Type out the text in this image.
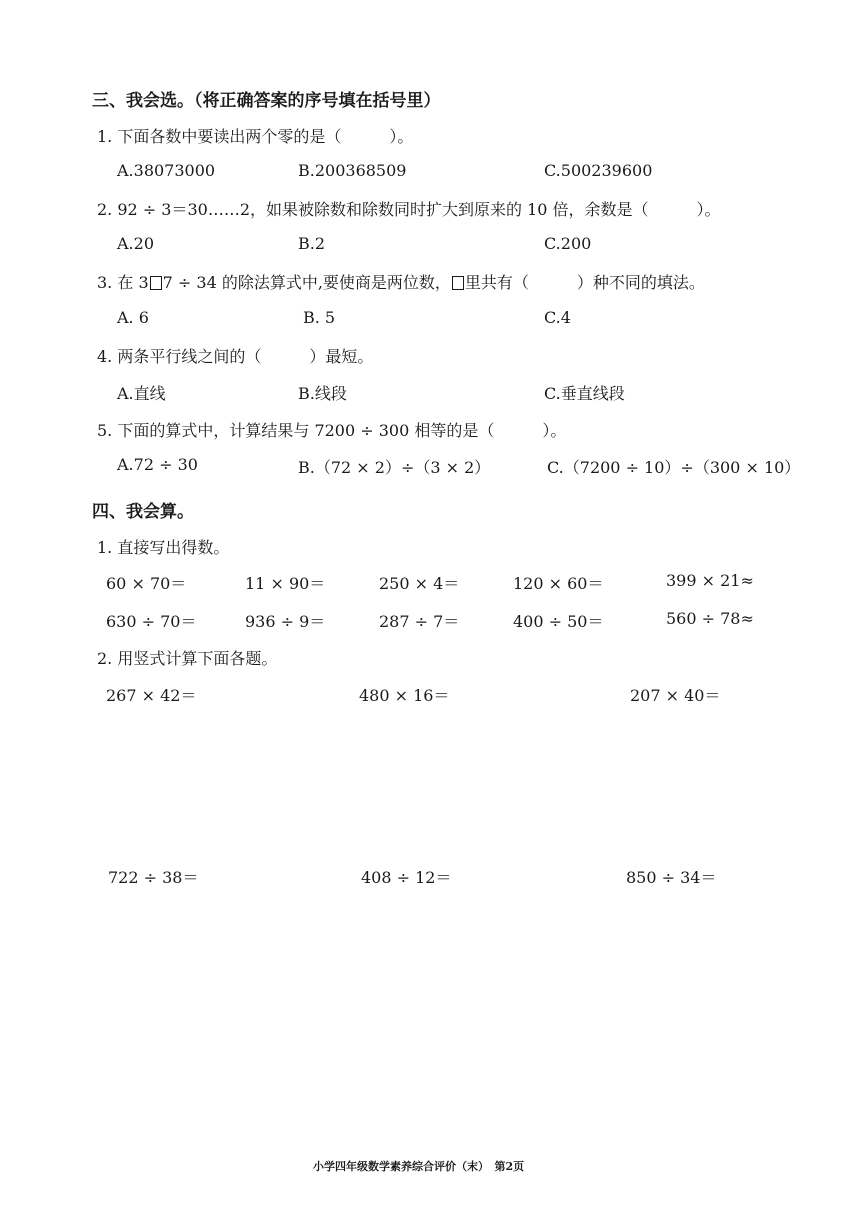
三、我会选。（将正确答案的序号填在括号里）
1. 下面各数中要读出两个零的是（　　　）。
A.38073000	B.200368509	C.500239600
2. 92 ÷ 3＝30……2，如果被除数和除数同时扩大到原来的 10 倍，余数是（　　　）。
A.20	B.2	C.200
3. 在 3 7 ÷ 34 的除法算式中,要使商是两位数， 里共有（　　　）种不同的填法。
A. 6	B. 5	C.4
4. 两条平行线之间的（　　　）最短。
A.直线	B.线段	C.垂直线段
5. 下面的算式中，计算结果与 7200 ÷ 300 相等的是（　　　）。
A.72 ÷ 30	B.（72 × 2）÷（3 × 2）	C.（7200 ÷ 10）÷（300 × 10）
四、我会算。
1. 直接写出得数。
60 × 70＝	11 × 90＝	250 × 4＝	120 × 60＝	399 × 21≈
630 ÷ 70＝	936 ÷ 9＝	287 ÷ 7＝	400 ÷ 50＝	560 ÷ 78≈
2. 用竖式计算下面各题。
267 × 42＝	480 × 16＝	207 × 40＝
722 ÷ 38＝	408 ÷ 12＝	850 ÷ 34＝
小学四年级数学素养综合评价（末）　第2页
